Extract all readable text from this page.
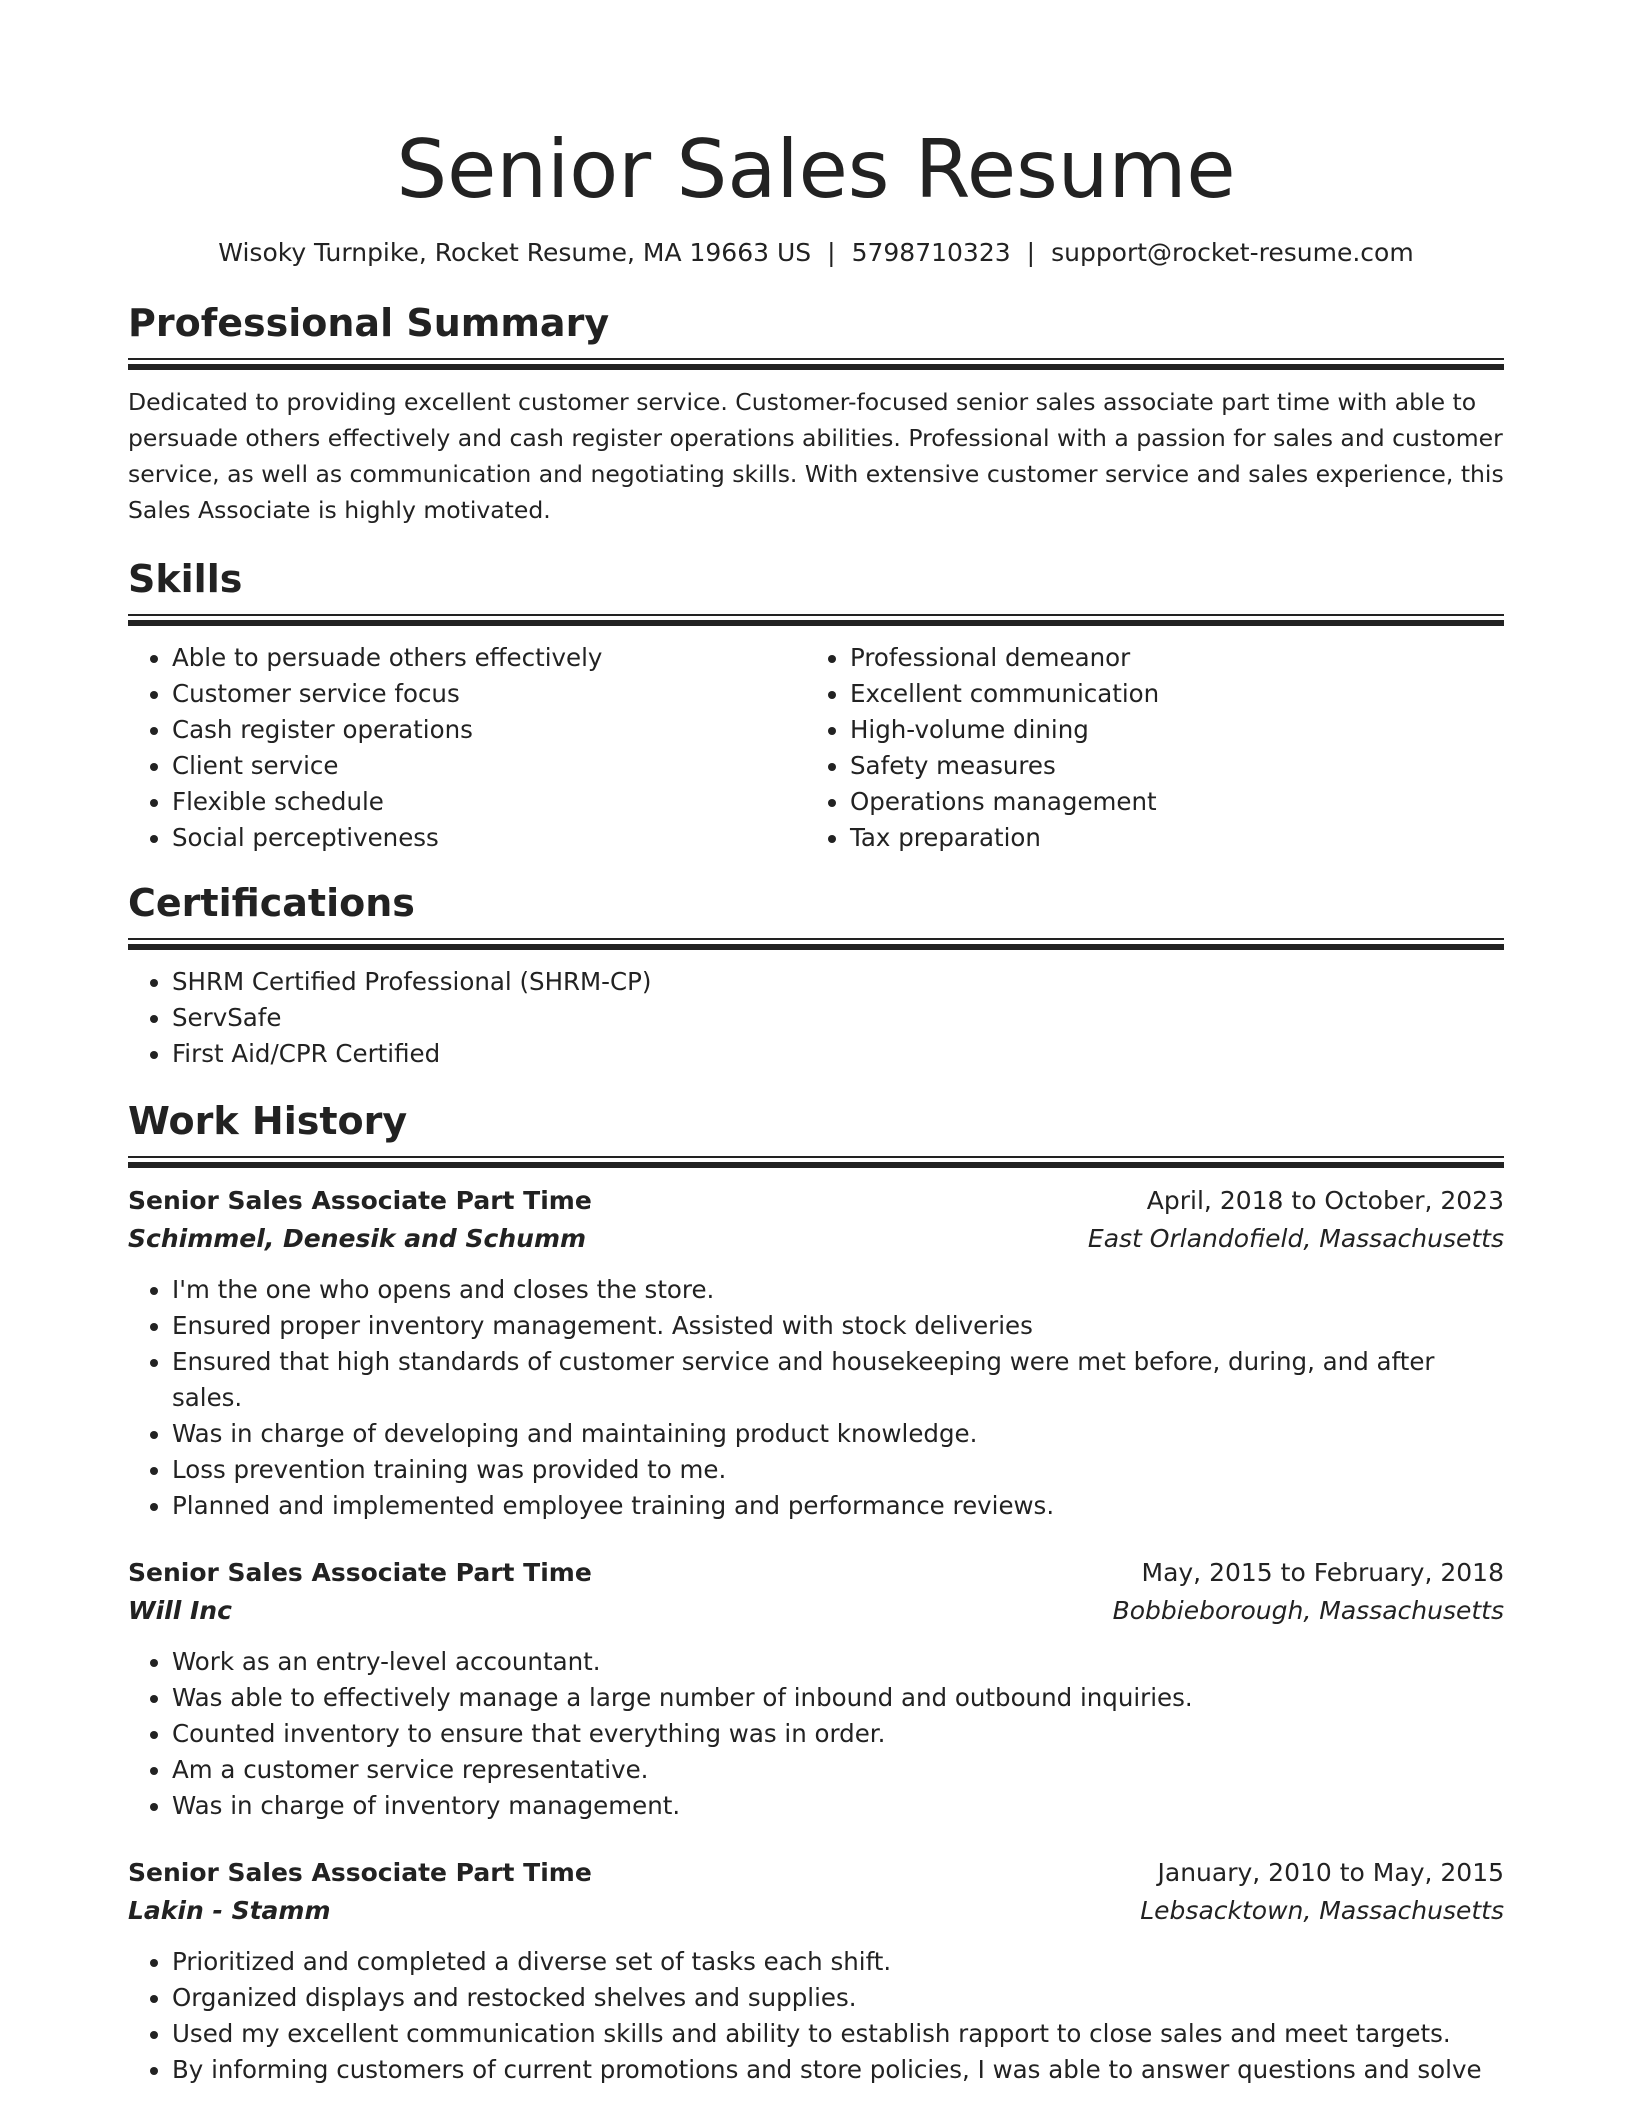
Senior Sales Resume
Wisoky Turnpike, Rocket Resume, MA 19663 US | 5798710323 | support@rocket-resume.com
Professional Summary
Dedicated to providing excellent customer service. Customer-focused senior sales associate part time with able to persuade others effectively and cash register operations abilities. Professional with a passion for sales and customer service, as well as communication and negotiating skills. With extensive customer service and sales experience, this Sales Associate is highly motivated.
Skills
• Able to persuade others effectively
• Customer service focus
• Cash register operations
• Client service
• Flexible schedule
• Social perceptiveness
• Professional demeanor
• Excellent communication
• High-volume dining
• Safety measures
• Operations management
• Tax preparation
Certifications
• SHRM Certified Professional (SHRM-CP)
• ServSafe
• First Aid/CPR Certified
Work History
Senior Sales Associate Part Time	April, 2018 to October, 2023
Schimmel, Denesik and Schumm	East Orlandofield, Massachusetts
• I'm the one who opens and closes the store.
• Ensured proper inventory management. Assisted with stock deliveries
• Ensured that high standards of customer service and housekeeping were met before, during, and after sales.
• Was in charge of developing and maintaining product knowledge.
• Loss prevention training was provided to me.
• Planned and implemented employee training and performance reviews.
Senior Sales Associate Part Time	May, 2015 to February, 2018
Will Inc	Bobbieborough, Massachusetts
• Work as an entry-level accountant.
• Was able to effectively manage a large number of inbound and outbound inquiries.
• Counted inventory to ensure that everything was in order.
• Am a customer service representative.
• Was in charge of inventory management.
Senior Sales Associate Part Time	January, 2010 to May, 2015
Lakin - Stamm	Lebsacktown, Massachusetts
• Prioritized and completed a diverse set of tasks each shift.
• Organized displays and restocked shelves and supplies.
• Used my excellent communication skills and ability to establish rapport to close sales and meet targets.
• By informing customers of current promotions and store policies, I was able to answer questions and solve
